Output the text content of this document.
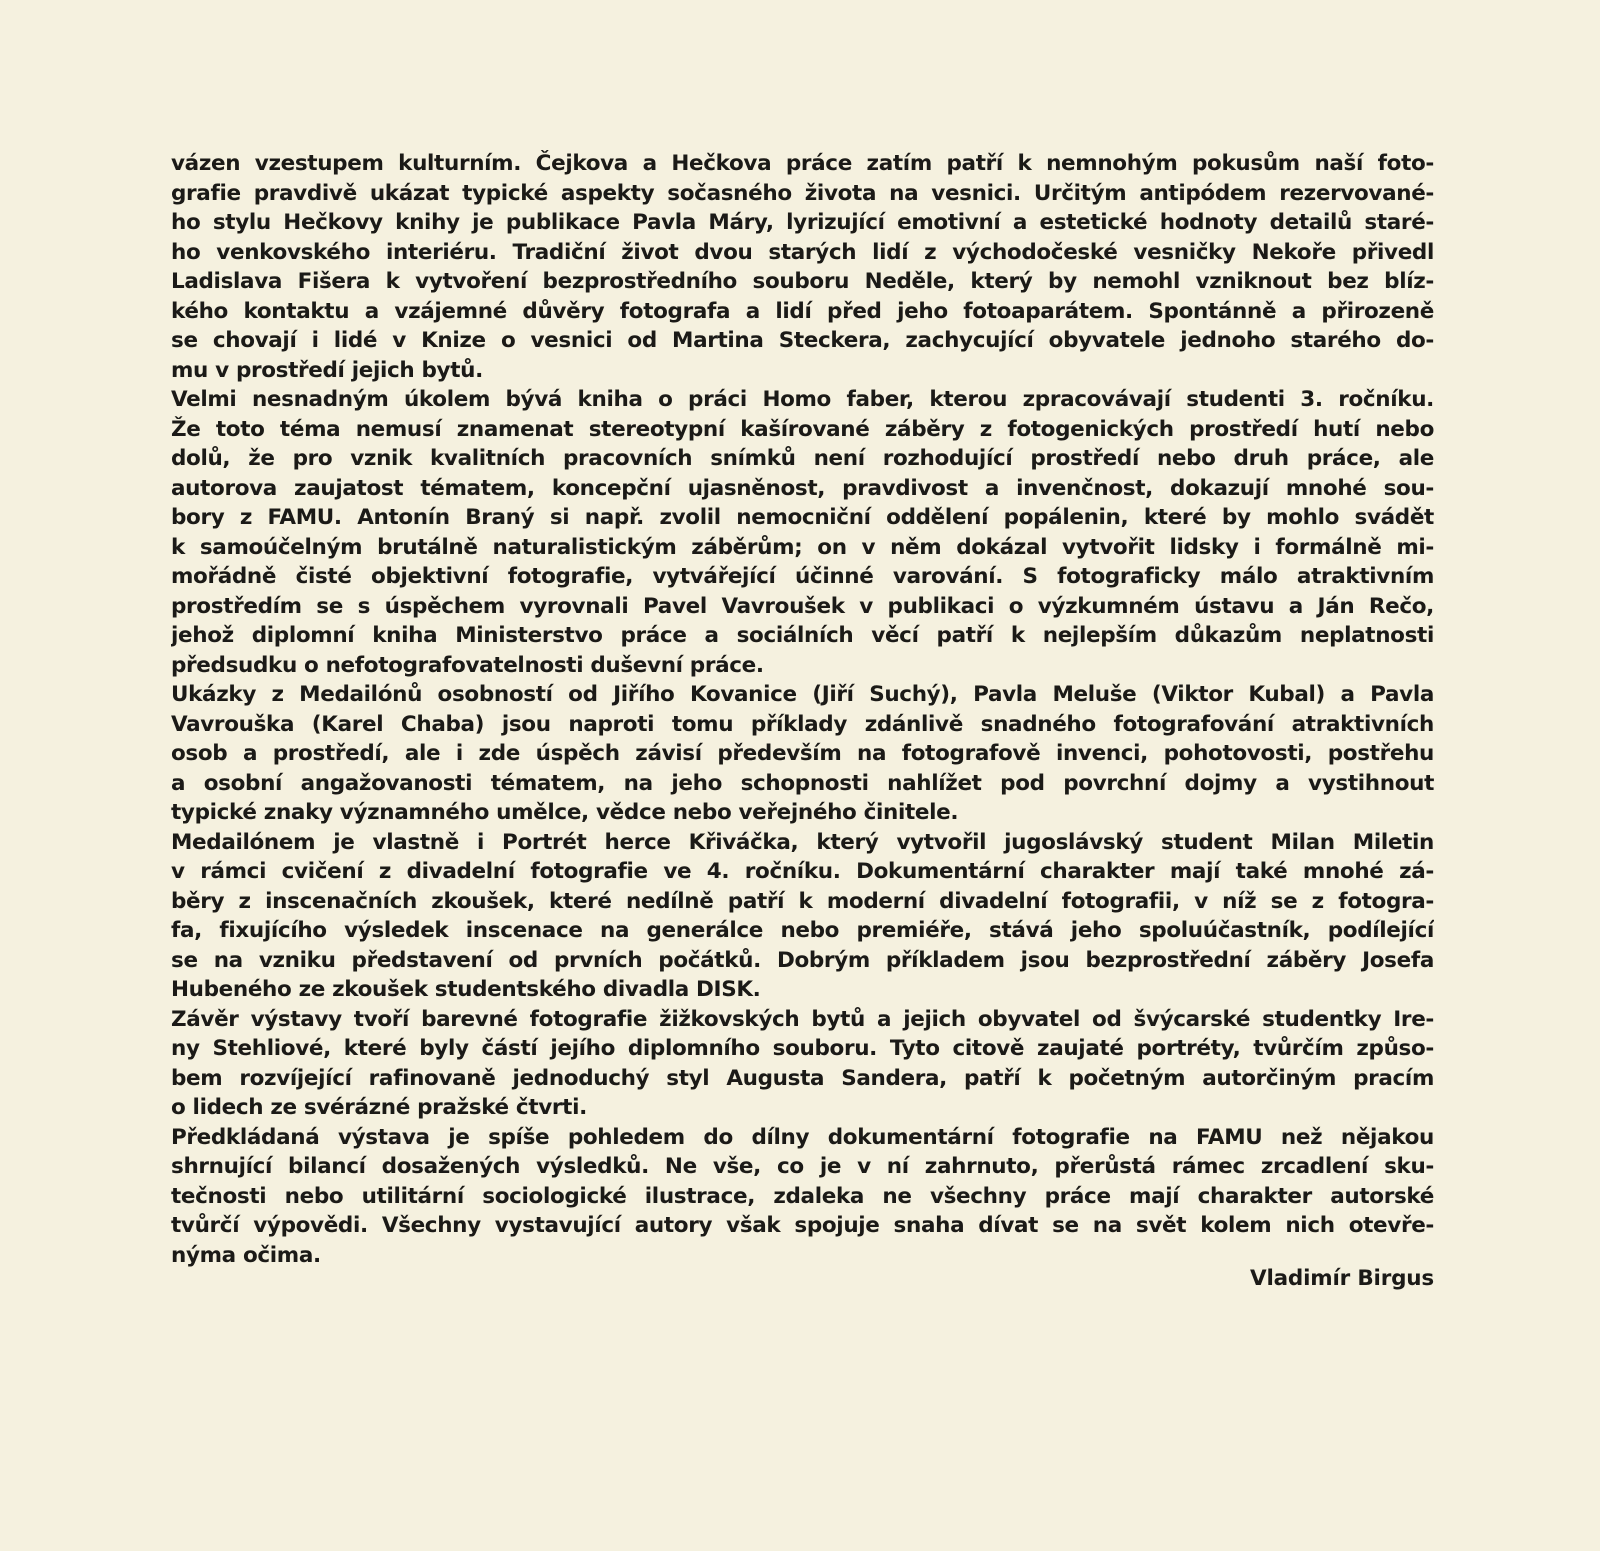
vázen vzestupem kulturním. Čejkova a Hečkova práce zatím patří k nemnohým pokusům naší foto-
grafie pravdivě ukázat typické aspekty sočasného života na vesnici. Určitým antipódem rezervované-
ho stylu Hečkovy knihy je publikace Pavla Máry, lyrizující emotivní a estetické hodnoty detailů staré-
ho venkovského interiéru. Tradiční život dvou starých lidí z východočeské vesničky Nekoře přivedl
Ladislava Fišera k vytvoření bezprostředního souboru Neděle, který by nemohl vzniknout bez blíz-
kého kontaktu a vzájemné důvěry fotografa a lidí před jeho fotoaparátem. Spontánně a přirozeně
se chovají i lidé v Knize o vesnici od Martina Steckera, zachycující obyvatele jednoho starého do-
mu v prostředí jejich bytů.
Velmi nesnadným úkolem bývá kniha o práci Homo faber, kterou zpracovávají studenti 3. ročníku.
Že toto téma nemusí znamenat stereotypní kašírované záběry z fotogenických prostředí hutí nebo
dolů, že pro vznik kvalitních pracovních snímků není rozhodující prostředí nebo druh práce, ale
autorova zaujatost tématem, koncepční ujasněnost, pravdivost a invenčnost, dokazují mnohé sou-
bory z FAMU. Antonín Braný si např. zvolil nemocniční oddělení popálenin, které by mohlo svádět
k samoúčelným brutálně naturalistickým záběrům; on v něm dokázal vytvořit lidsky i formálně mi-
mořádně čisté objektivní fotografie, vytvářející účinné varování. S fotograficky málo atraktivním
prostředím se s úspěchem vyrovnali Pavel Vavroušek v publikaci o výzkumném ústavu a Ján Rečo,
jehož diplomní kniha Ministerstvo práce a sociálních věcí patří k nejlepším důkazům neplatnosti
předsudku o nefotografovatelnosti duševní práce.
Ukázky z Medailónů osobností od Jiřího Kovanice (Jiří Suchý), Pavla Meluše (Viktor Kubal) a Pavla
Vavrouška (Karel Chaba) jsou naproti tomu příklady zdánlivě snadného fotografování atraktivních
osob a prostředí, ale i zde úspěch závisí především na fotografově invenci, pohotovosti, postřehu
a osobní angažovanosti tématem, na jeho schopnosti nahlížet pod povrchní dojmy a vystihnout
typické znaky významného umělce, vědce nebo veřejného činitele.
Medailónem je vlastně i Portrét herce Křiváčka, který vytvořil jugoslávský student Milan Miletin
v rámci cvičení z divadelní fotografie ve 4. ročníku. Dokumentární charakter mají také mnohé zá-
běry z inscenačních zkoušek, které nedílně patří k moderní divadelní fotografii, v níž se z fotogra-
fa, fixujícího výsledek inscenace na generálce nebo premiéře, stává jeho spoluúčastník, podílející
se na vzniku představení od prvních počátků. Dobrým příkladem jsou bezprostřední záběry Josefa
Hubeného ze zkoušek studentského divadla DISK.
Závěr výstavy tvoří barevné fotografie žižkovských bytů a jejich obyvatel od švýcarské studentky Ire-
ny Stehliové, které byly částí jejího diplomního souboru. Tyto citově zaujaté portréty, tvůrčím způso-
bem rozvíjející rafinovaně jednoduchý styl Augusta Sandera, patří k početným autorčiným pracím
o lidech ze svérázné pražské čtvrti.
Předkládaná výstava je spíše pohledem do dílny dokumentární fotografie na FAMU než nějakou
shrnující bilancí dosažených výsledků. Ne vše, co je v ní zahrnuto, přerůstá rámec zrcadlení sku-
tečnosti nebo utilitární sociologické ilustrace, zdaleka ne všechny práce mají charakter autorské
tvůrčí výpovědi. Všechny vystavující autory však spojuje snaha dívat se na svět kolem nich otevře-
nýma očima.
Vladimír Birgus
